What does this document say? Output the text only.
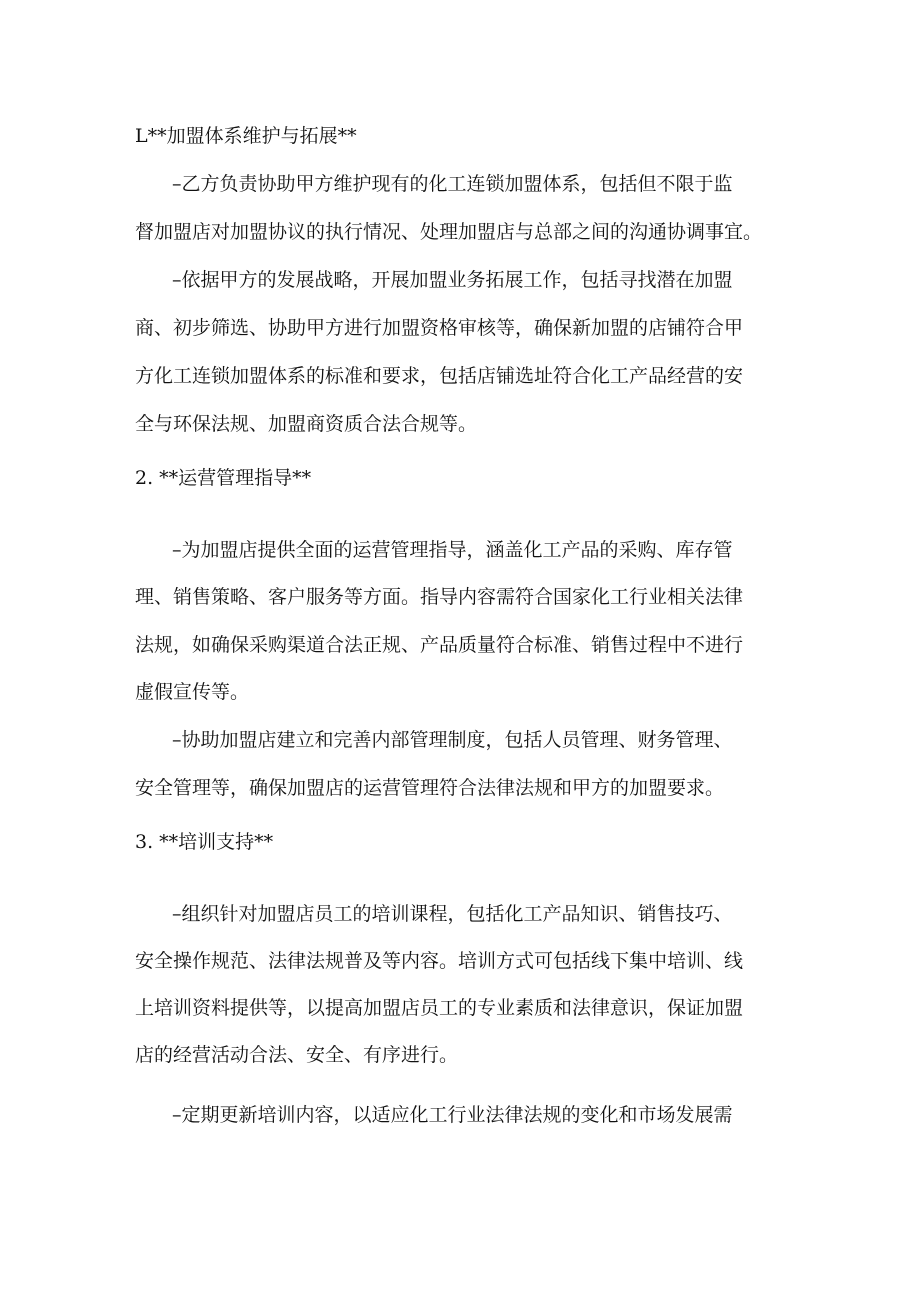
L**加盟体系维护与拓展**
–乙方负责协助甲方维护现有的化工连锁加盟体系，包括但不限于监
督加盟店对加盟协议的执行情况、处理加盟店与总部之间的沟通协调事宜。
–依据甲方的发展战略，开展加盟业务拓展工作，包括寻找潜在加盟
商、初步筛选、协助甲方进行加盟资格审核等，确保新加盟的店铺符合甲
方化工连锁加盟体系的标准和要求，包括店铺选址符合化工产品经营的安
全与环保法规、加盟商资质合法合规等。
2. **运营管理指导**
–为加盟店提供全面的运营管理指导，涵盖化工产品的采购、库存管
理、销售策略、客户服务等方面。指导内容需符合国家化工行业相关法律
法规，如确保采购渠道合法正规、产品质量符合标准、销售过程中不进行
虚假宣传等。
–协助加盟店建立和完善内部管理制度，包括人员管理、财务管理、
安全管理等，确保加盟店的运营管理符合法律法规和甲方的加盟要求。
3. **培训支持**
–组织针对加盟店员工的培训课程，包括化工产品知识、销售技巧、
安全操作规范、法律法规普及等内容。培训方式可包括线下集中培训、线
上培训资料提供等，以提高加盟店员工的专业素质和法律意识，保证加盟
店的经营活动合法、安全、有序进行。
–定期更新培训内容，以适应化工行业法律法规的变化和市场发展需
